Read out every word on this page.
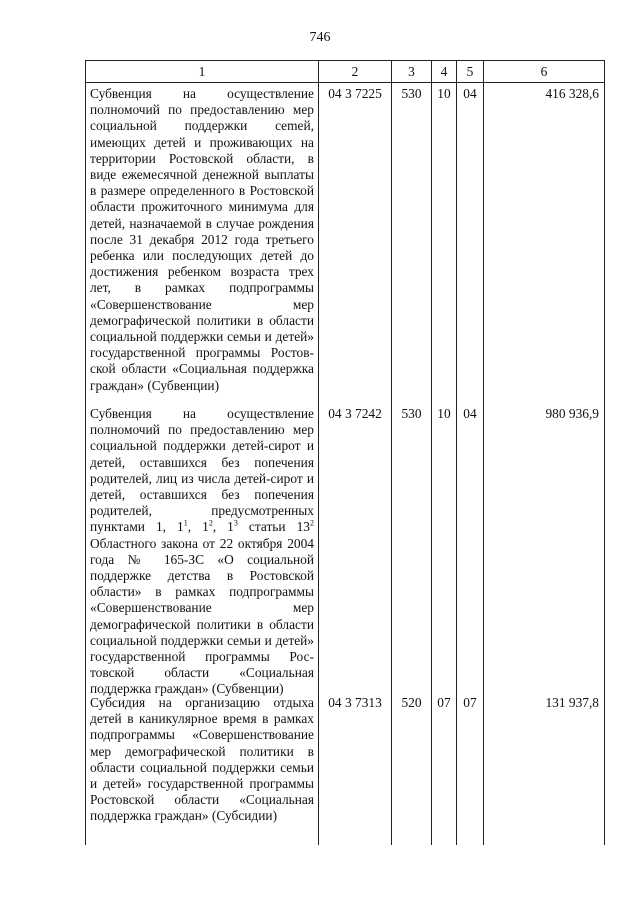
746
1	2	3	4	5	6

Субвенция на осуществление полномочий по предоставлению мер социальной поддержки сеmей, имеющих детей и проживающих на территории Ростовской области, в виде ежемесячной денежной выплаты в размере определенного в Ростовской области прожиточного минимума для детей, назначаемой в случае рождения после 31 декабря 2012 года третьего ребенка или последующих детей до достижения ребенком возраста трех лет, в рамках подпрограммы «Совершенствование мер демографической политики в области социальной поддержки семьи и детей» государственной программы Ростовской области «Социальная поддержка граждан» (Субвенции)	04 3 7225	530	10	04	416 328,6

Субвенция на осуществление полномочий по предоставлению мер социальной поддержки детей-сирот и детей, оставшихся без попечения родителей, лиц из числа детей-сирот и детей, оставшихся без попечения родителей, предусмотренных пунктами 1, $1^1$, $1^2$, $1^3$ статьи $13^2$ Областного закона от 22 октября 2004 года № 165-ЗС «О социальной поддержке детства в Ростовской области» в рамках подпрограммы «Совершенствование мер демографической политики в области социальной поддержки семьи и детей» государственной программы Ростовской области «Социальная поддержка граждан» (Субвенции)	04 3 7242	530	10	04	980 936,9

Субсидия на организацию отдыха детей в каникулярное время в рамках подпрограммы «Совершенствование мер демографической политики в области социальной поддержки семьи и детей» государственной программы Ростовской области «Социальная поддержка граждан» (Субсидии)	04 3 7313	520	07	07	131 937,8
